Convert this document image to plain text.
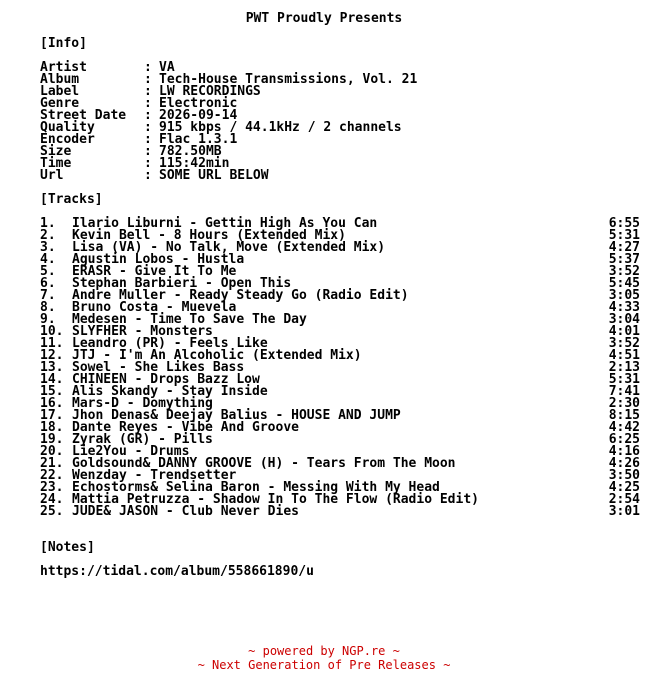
PWT Proudly Presents
[Info]
Artist	: VA
Album	: Tech-House Transmissions, Vol. 21
Label	: LW RECORDINGS
Genre	: Electronic
Street Date : 2026-09-14
Quality	: 915 kbps / 44.1kHz / 2 channels
Encoder	: Flac 1.3.1
Size	: 782.50MB
Time	: 115:42min
Url	: SOME URL BELOW
[Tracks]
1. Ilario Liburni - Gettin High As You Can	6:55
2. Kevin Bell - 8 Hours (Extended Mix)	5:31
3. Lisa (VA) - No Talk, Move (Extended Mix)	4:27
4. Agustin Lobos - Hustla	5:37
5. ERASR - Give It To Me	3:52
6. Stephan Barbieri - Open This	5:45
7. Andre Muller - Ready Steady Go (Radio Edit)	3:05
8. Bruno Costa - Muevela	4:33
9. Medesen - Time To Save The Day	3:04
10. SLYFHER - Monsters	4:01
11. Leandro (PR) - Feels Like	3:52
12. JTJ - I'm An Alcoholic (Extended Mix)	4:51
13. Sowel - She Likes Bass	2:13
14. CHINEEN - Drops Bazz Low	5:31
15. Alis Skandy - Stay Inside	7:41
16. Mars-D - Domything	2:30
17. Jhon Denas& Deejay Balius - HOUSE AND JUMP	8:15
18. Dante Reyes - Vibe And Groove	4:42
19. Zyrak (GR) - Pills	6:25
20. Lie2You - Drums	4:16
21. Goldsound& DANNY GROOVE (H) - Tears From The Moon	4:26
22. Wenzday - Trendsetter	3:50
23. Echostorms& Selina Baron - Messing With My Head	4:25
24. Mattia Petruzza - Shadow In To The Flow (Radio Edit)	2:54
25. JUDE& JASON - Club Never Dies	3:01
[Notes]
https://tidal.com/album/558661890/u
~ powered by NGP.re ~
~ Next Generation of Pre Releases ~
